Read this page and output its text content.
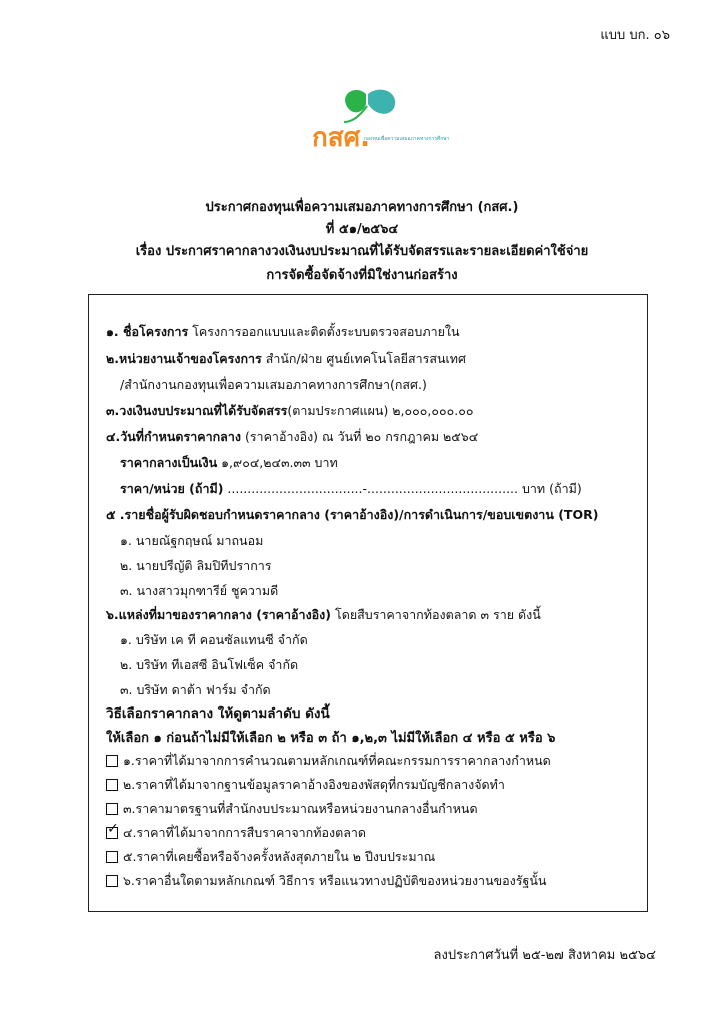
แบบ บก. ๐๖
กสศ.
กองทุนเพื่อความเสมอภาคทางการศึกษา
ประกาศกองทุนเพื่อความเสมอภาคทางการศึกษา (กสศ.)
ที่ ๕๑/๒๕๖๔
เรื่อง ประกาศราคากลางวงเงินงบประมาณที่ได้รับจัดสรรและรายละเอียดค่าใช้จ่าย
การจัดซื้อจัดจ้างที่มิใช่งานก่อสร้าง
๑. ชื่อโครงการ โครงการออกแบบและติดตั้งระบบตรวจสอบภายใน
๒.หน่วยงานเจ้าของโครงการ สำนัก/ฝ่าย ศูนย์เทคโนโลยีสารสนเทศ
/สำนักงานกองทุนเพื่อความเสมอภาคทางการศึกษา(กสศ.)
๓.วงเงินงบประมาณที่ได้รับจัดสรร(ตามประกาศแผน) ๒,๐๐๐,๐๐๐.๐๐
๔.วันที่กำหนดราคากลาง (ราคาอ้างอิง) ณ วันที่ ๒๐ กรกฎาคม ๒๕๖๔
ราคากลางเป็นเงิน ๑,๙๐๔,๒๔๓.๓๓ บาท
ราคา/หน่วย (ถ้ามี) ..................................-...................................... บาท (ถ้ามี)
๕ .รายชื่อผู้รับผิดชอบกำหนดราคากลาง (ราคาอ้างอิง)/การดำเนินการ/ขอบเขตงาน (TOR)
๑. นายณัฐกฤษณ์ มาถนอม
๒. นายปรีญัติ ลิมปิทีปราการ
๓. นางสาวมุกฑารีย์ ชูความดี
๖.แหล่งที่มาของราคากลาง (ราคาอ้างอิง) โดยสืบราคาจากท้องตลาด ๓ ราย ดังนี้
๑. บริษัท เค ที คอนซัลแทนซี จำกัด
๒. บริษัท ทีเอสซี อินโฟเซ็ค จำกัด
๓. บริษัท ดาต้า ฟาร์ม จำกัด
วิธีเลือกราคากลาง ให้ดูตามลำดับ ดังนี้
ให้เลือก ๑ ก่อนถ้าไม่มีให้เลือก ๒ หรือ ๓ ถ้า ๑,๒,๓ ไม่มีให้เลือก ๔ หรือ ๕ หรือ ๖
๑.ราคาที่ได้มาจากการคำนวณตามหลักเกณฑ์ที่คณะกรรมการราคากลางกำหนด
๒.ราคาที่ได้มาจากฐานข้อมูลราคาอ้างอิงของพัสดุที่กรมบัญชีกลางจัดทำ
๓.ราคามาตรฐานที่สำนักงบประมาณหรือหน่วยงานกลางอื่นกำหนด
✓ ๔.ราคาที่ได้มาจากการสืบราคาจากท้องตลาด
๕.ราคาที่เคยซื้อหรือจ้างครั้งหลังสุดภายใน ๒ ปีงบประมาณ
๖.ราคาอื่นใดตามหลักเกณฑ์ วิธีการ หรือแนวทางปฏิบัติของหน่วยงานของรัฐนั้น
ลงประกาศวันที่ ๒๕-๒๗ สิงหาคม ๒๕๖๔
